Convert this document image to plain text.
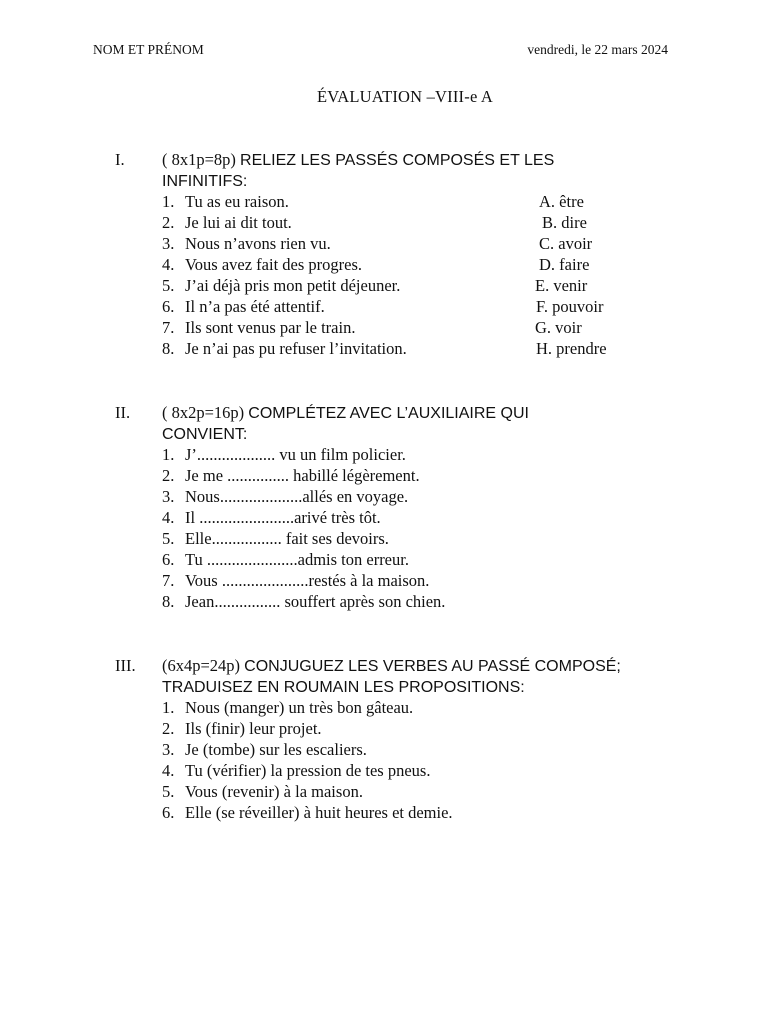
NOM ET PRÉNOM	vendredi, le 22 mars 2024
ÉVALUATION –VIII-e A
I. ( 8x1p=8p) RELIEZ LES PASSÉS COMPOSÉS ET LES
INFINITIFS:
1. Tu as eu raison.	A. être
2. Je lui ai dit tout.	B. dire
3. Nous n’avons rien vu.	C. avoir
4. Vous avez fait des progres.	D. faire
5. J’ai déjà pris mon petit déjeuner.	E. venir
6. Il n’a pas été attentif.	F. pouvoir
7. Ils sont venus par le train.	G. voir
8. Je n’ai pas pu refuser l’invitation.	H. prendre
II. ( 8x2p=16p) COMPLÉTEZ AVEC L’AUXILIAIRE QUI
CONVIENT:
1. J’................... vu un film policier.
2. Je me ............... habillé légèrement.
3. Nous....................allés en voyage.
4. Il .......................arivé très tôt.
5. Elle................. fait ses devoirs.
6. Tu ......................admis ton erreur.
7. Vous .....................restés à la maison.
8. Jean................ souffert après son chien.
III. (6x4p=24p) CONJUGUEZ LES VERBES AU PASSÉ COMPOSÉ;
TRADUISEZ EN ROUMAIN LES PROPOSITIONS:
1. Nous (manger) un très bon gâteau.
2. Ils (finir) leur projet.
3. Je (tombe) sur les escaliers.
4. Tu (vérifier) la pression de tes pneus.
5. Vous (revenir) à la maison.
6. Elle (se réveiller) à huit heures et demie.
